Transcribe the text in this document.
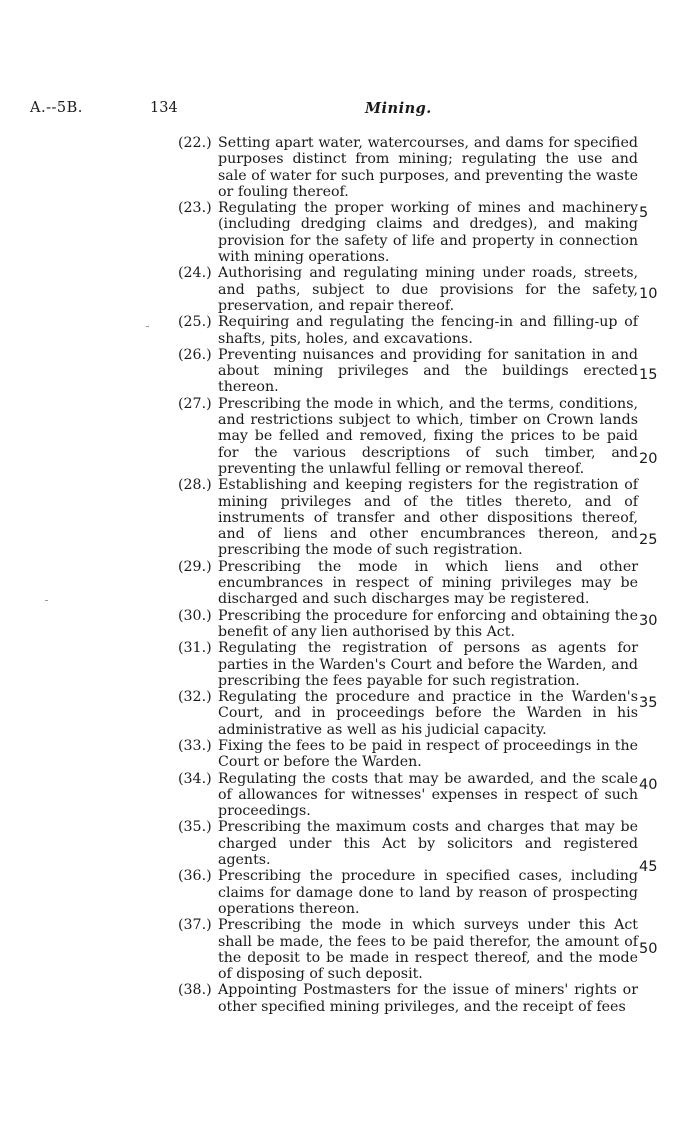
A.--5B.	134	Mining.
(22.) Setting apart water, watercourses, and dams for specified purposes distinct from mining; regulating the use and sale of water for such purposes, and preventing the waste or fouling thereof.
(23.) Regulating the proper working of mines and machinery (including dredging claims and dredges), and making provision for the safety of life and property in connection with mining operations.
(24.) Authorising and regulating mining under roads, streets, and paths, subject to due provisions for the safety, preservation, and repair thereof.
(25.) Requiring and regulating the fencing-in and filling-up of shafts, pits, holes, and excavations.
(26.) Preventing nuisances and providing for sanitation in and about mining privileges and the buildings erected thereon.
(27.) Prescribing the mode in which, and the terms, conditions, and restrictions subject to which, timber on Crown lands may be felled and removed, fixing the prices to be paid for the various descriptions of such timber, and preventing the unlawful felling or removal thereof.
(28.) Establishing and keeping registers for the registration of mining privileges and of the titles thereto, and of instruments of transfer and other dispositions thereof, and of liens and other encumbrances thereon, and prescribing the mode of such registration.
(29.) Prescribing the mode in which liens and other encumbrances in respect of mining privileges may be discharged and such discharges may be registered.
(30.) Prescribing the procedure for enforcing and obtaining the benefit of any lien authorised by this Act.
(31.) Regulating the registration of persons as agents for parties in the Warden's Court and before the Warden, and prescribing the fees payable for such registration.
(32.) Regulating the procedure and practice in the Warden's Court, and in proceedings before the Warden in his administrative as well as his judicial capacity.
(33.) Fixing the fees to be paid in respect of proceedings in the Court or before the Warden.
(34.) Regulating the costs that may be awarded, and the scale of allowances for witnesses' expenses in respect of such proceedings.
(35.) Prescribing the maximum costs and charges that may be charged under this Act by solicitors and registered agents.
(36.) Prescribing the procedure in specified cases, including claims for damage done to land by reason of prospecting operations thereon.
(37.) Prescribing the mode in which surveys under this Act shall be made, the fees to be paid therefor, the amount of the deposit to be made in respect thereof, and the mode of disposing of such deposit.
(38.) Appointing Postmasters for the issue of miners' rights or other specified mining privileges, and the receipt of fees
5
10
15
20
25
30
35
40
45
50
